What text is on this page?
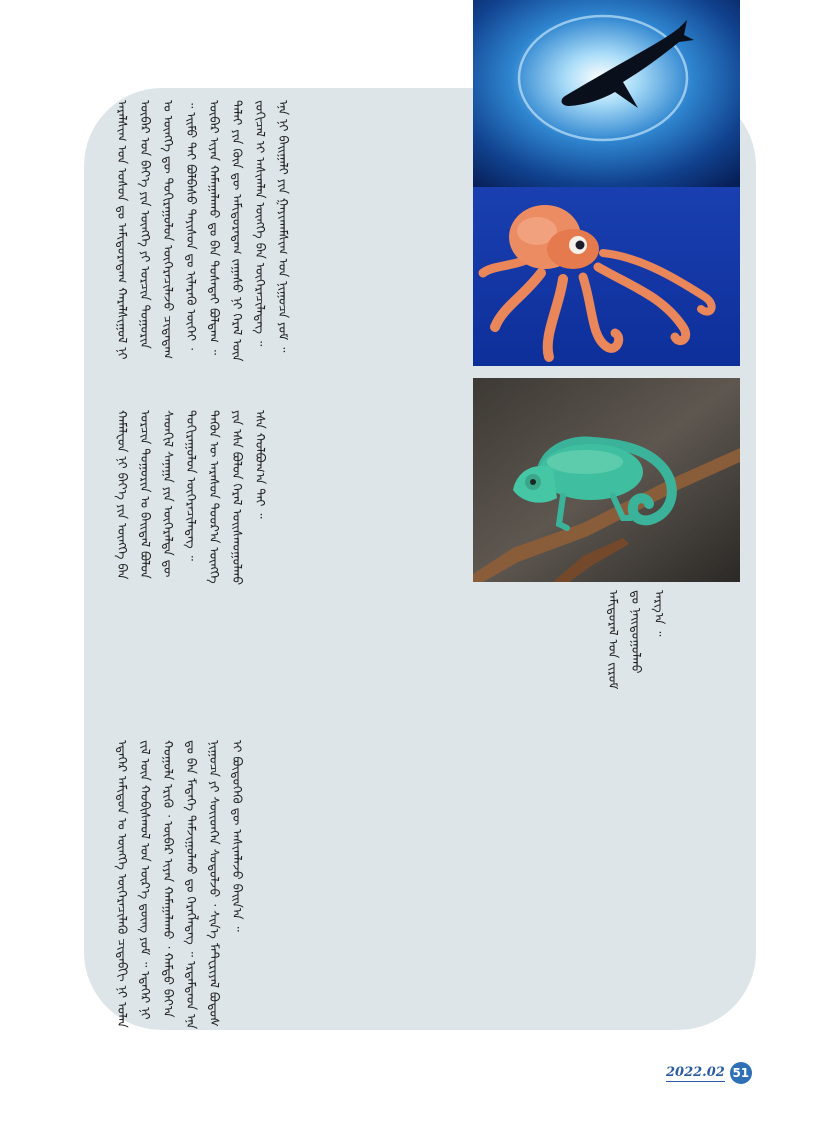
ᠠᠷᠠᠯᠰᠢᠭ ᠤᠨ ᠤᠰᠤᠨ ᠳᠤ ᠠᠮᠢᠳᠤᠷᠠᠳᠠᠭ ᠬᠠᠷᠠᠯᠰᠢᠭᠤᠯ ᠨᠢ ᠥᠪᠡᠷ ᠤᠨ ᠪᠡᠶ᠎ᠡ ᠶᠢᠨ ᠥᠩᠭᠡ ᠶᠢ ᠣᠷᠴᠢᠨ ᠲᠣᠭᠣᠷᠢᠨ ᠤ ᠥᠩᠭᠡ ᠳᠦ ᠲᠣᠬᠢᠷᠠᠭᠤᠯᠤᠨ ᠥᠭᠡᠷᠡᠴᠢᠯᠡᠵᠦ ᠴᠢᠳᠠᠳᠠᠭ ᠃ ᠡᠢᠮᠦ ᠲᠡᠢ ᠪᠣᠯᠪᠠᠰᠤ ᠳᠠᠶᠢᠰᠤᠨ ᠳᠤ ᠢᠯᠡᠷᠡᠬᠦ ᠦᠭᠡᠢ ᠂ ᠥᠪᠡᠷ ᠢᠶᠡᠨ ᠬᠠᠮᠠᠭᠠᠯᠠᠬᠤ ᠳᠤ ᠪᠡᠨ ᠲᠤᠰᠠᠲᠠᠢ ᠪᠣᠯᠳᠠᠭ ᠃ ᠳᠠᠯᠠᠢ ᠶᠢᠨ ᠭᠦᠨ ᠳᠦ ᠠᠮᠢᠳᠤᠷᠠᠳᠠᠭ ᠵᠠᠭᠠᠰᠤ ᠨᠢ ᠭᠡᠷᠡᠯ ᠦᠨ ᠵᠣᠬᠢᠴᠠᠯ ᠢ ᠠᠰᠢᠭᠯᠠᠨ ᠥᠩᠭᠡ ᠪᠡᠨ ᠥᠭᠡᠷᠡᠴᠢᠯᠡᠳᠡᠭ ᠃ ᠡᠨᠡ ᠨᠢ ᠪᠠᠢᠭᠠᠯᠢ ᠶᠢᠨ ᠭᠠᠶᠢᠬᠠᠮᠰᠢᠭ ᠤᠨ ᠨᠢᠭᠤᠴᠠ ᠶᠤᠮ ᠃

ᠬᠠᠮᠡᠯᠧᠣᠨ ᠨᠢ ᠪᠡᠶ᠎ᠡ ᠶᠢᠨ ᠥᠩᠭᠡ ᠪᠡᠨ ᠣᠷᠴᠢᠨ ᠲᠣᠭᠣᠷᠢᠨ ᠤ ᠪᠠᠢᠳᠠᠯ ᠪᠣᠯᠤᠨ ᠰᠡᠳᠬᠢᠯ ᠰᠠᠨᠠᠭᠠ ᠶᠢᠨ ᠥᠭᠡᠷᠡᠯᠳᠡ ᠳᠦ ᠲᠣᠬᠢᠷᠠᠭᠤᠯᠤᠨ ᠥᠭᠡᠷᠡᠴᠢᠯᠡᠳᠡᠭ ᠃ ᠲᠡᠭᠦᠨ ᠦ ᠠᠷᠠᠰᠤᠨ ᠳᠣᠣᠷ᠎ᠠ ᠥᠩᠭᠡ ᠶᠢᠨ ᠡᠰᠡ ᠪᠣᠯᠤᠨ ᠭᠡᠷᠡᠯ ᠣᠢᠰᠬᠤᠭᠤᠯᠬᠤ ᠡᠰᠡ ᠬᠣᠯᠪᠣᠭ᠎ᠠ ᠲᠠᠢ ᠃

ᠠᠮᠢᠳᠤᠷᠠᠯ ᠤᠨ ᠵᠢᠷᠤᠮ ᠳᠤ ᠨᠠᠢᠳᠤᠭᠤᠯᠬᠤ ᠠᠷᠭ᠎ᠠ ᠃

ᠡᠳᠡᠭᠡᠷ ᠠᠮᠢᠳᠤᠨ ᠤ ᠥᠩᠭᠡ ᠥᠭᠡᠷᠡᠴᠢᠯᠡᠬᠦ ᠴᠢᠳᠠᠪᠬᠢ ᠨᠢ ᠣᠯᠠᠨ ᠵᠢᠯ ᠦᠨ ᠬᠤᠪᠢᠰᠬᠤᠯ ᠤᠨ ᠦᠷ᠎ᠡ ᠳ᠋ᠦᠩ ᠶᠤᠮ ᠃ ᠡᠳᠡᠭᠡᠷ ᠨᠢ ᠬᠣᠭᠣᠯᠠ ᠡᠷᠢᠬᠦ ᠂ ᠥᠪᠡᠷ ᠢᠶᠡᠨ ᠬᠠᠮᠠᠭᠠᠯᠠᠬᠤ ᠂ ᠬᠠᠮᠲᠤ ᠪᠠᠶ᠎ᠠ ᠳᠤ ᠪᠡᠨ ᠮᠡᠳᠡᠭᠡ ᠳᠠᠮᠵᠢᠭᠤᠯᠬᠤ ᠳᠤ ᠬᠡᠷᠡᠭᠯᠡᠳᠡᠭ ᠃ ᠡᠷᠳᠡᠮᠲᠡᠳ ᠡᠨᠡ ᠨᠢᠭᠤᠴᠠ ᠶᠢ ᠰᠦᠢᠳᠬᠡᠨ ᠰᠣᠳᠤᠯᠵᠤ ᠂ ᠰᠢᠨ᠎ᠡ ᠮᠠᠲ᠋ᠧᠷᠢᠶᠠᠯ ᠪᠣᠳᠤᠰ ᠢ ᠪᠦᠲᠦᠭᠡᠬᠦ ᠳᠦ ᠠᠰᠢᠭᠯᠠᠵᠤ ᠪᠠᠢᠨ᠎ᠠ ᠃

2022.02 51
